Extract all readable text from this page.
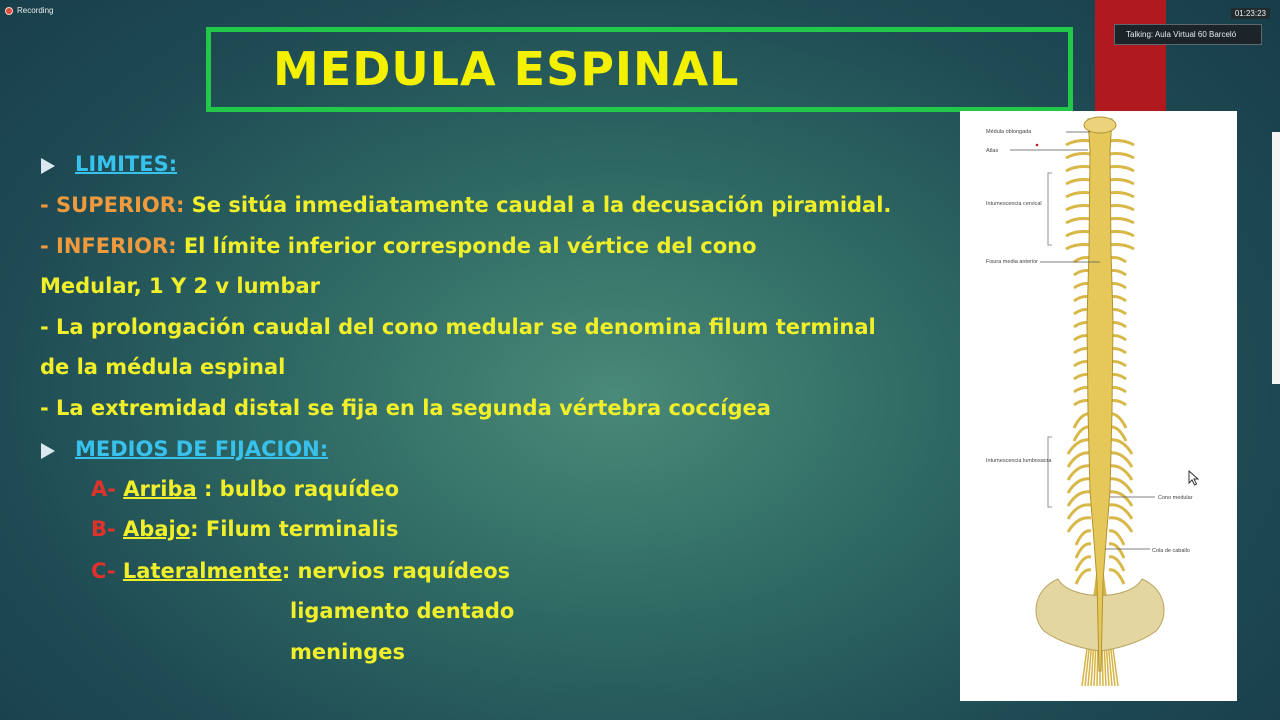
Recording	01:23:23
Talking: Aula Virtual 60 Barceló
MEDULA ESPINAL
LIMITES:
- SUPERIOR: Se sitúa inmediatamente caudal a la decusación piramidal.
- INFERIOR: El límite inferior corresponde al vértice del cono
Medular, 1 Y 2 v lumbar
- La prolongación caudal del cono medular se denomina filum terminal
de la médula espinal
- La extremidad distal se fija en la segunda vértebra coccígea
MEDIOS DE FIJACION:
A- Arriba : bulbo raquídeo
B- Abajo: Filum terminalis
C- Lateralmente: nervios raquídeos
ligamento dentado
meninges
Médula oblongada
Atlas
Intumescencia cervical
Fisura media anterior
Intumescencia lumbosacra
Cono medular
Cola de caballo
